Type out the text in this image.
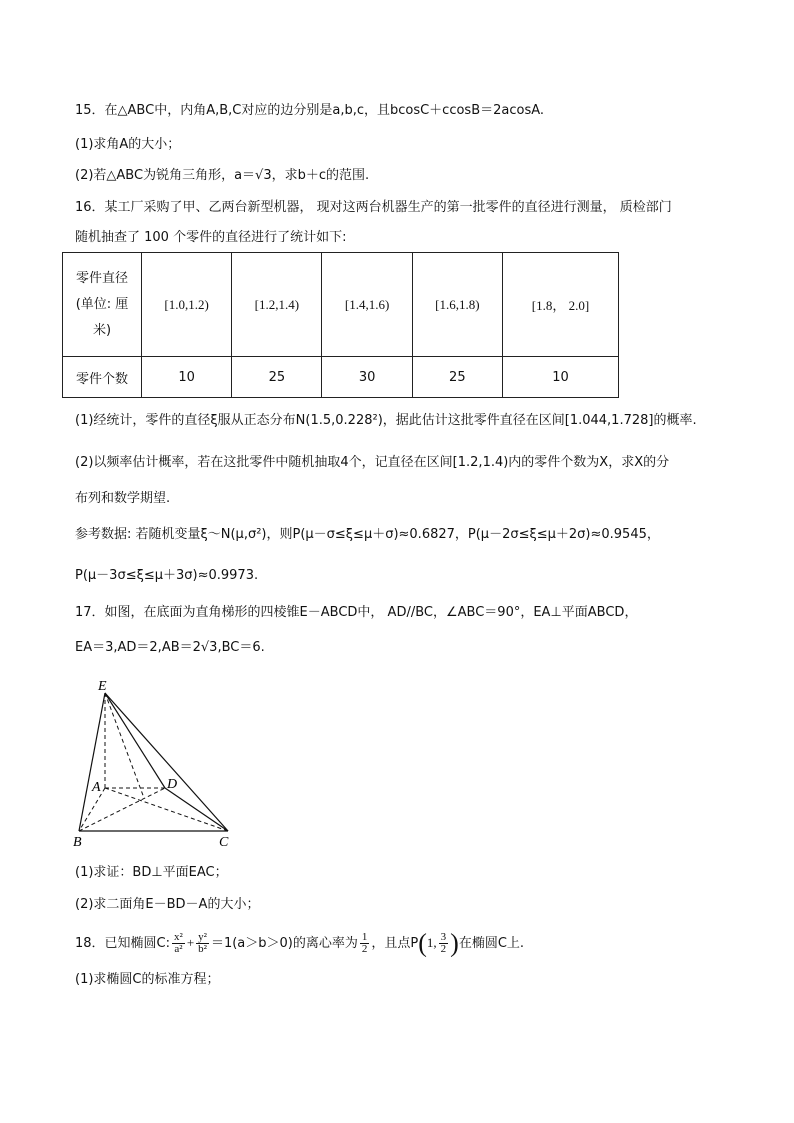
15．在△ABC中，内角A,B,C对应的边分别是a,b,c，且bcosC＋ccosB＝2acosA.
(1)求角A的大小；
(2)若△ABC为锐角三角形，a＝√3，求b＋c的范围.
16．某工厂采购了甲、乙两台新型机器， 现对这两台机器生产的第一批零件的直径进行测量， 质检部门
随机抽查了 100 个零件的直径进行了统计如下:
零件直径
(单位: 厘
米)	[1.0,1.2)	[1.2,1.4)	[1.4,1.6)	[1.6,1.8)	[1.8， 2.0]
零件个数	10	25	30	25	10
(1)经统计，零件的直径ξ服从正态分布N(1.5,0.228²)，据此估计这批零件直径在区间[1.044,1.728]的概率.
(2)以频率估计概率，若在这批零件中随机抽取4个，记直径在区间[1.2,1.4)内的零件个数为X，求X的分
布列和数学期望.
参考数据: 若随机变量ξ～N(μ,σ²)，则P(μ－σ≤ξ≤μ＋σ)≈0.6827，P(μ－2σ≤ξ≤μ＋2σ)≈0.9545，
P(μ－3σ≤ξ≤μ＋3σ)≈0.9973.
17．如图，在底面为直角梯形的四棱锥E－ABCD中， AD//BC，∠ABC＝90°，EA⊥平面ABCD，
EA＝3,AD＝2,AB＝2√3,BC＝6.
E
A	D
B	C
(1)求证：BD⊥平面EAC；
(2)求二面角E－BD－A的大小；
18．已知椭圆C: $\frac{\text{x²}}{\text{a²}} + \frac{\text{y²}}{\text{b²}} =1(a>b>0)$的离心率为 $\frac{1}{2}$ ，且点P(1, $\frac{3}{2}$ )在椭圆C上.
(1)求椭圆C的标准方程；
